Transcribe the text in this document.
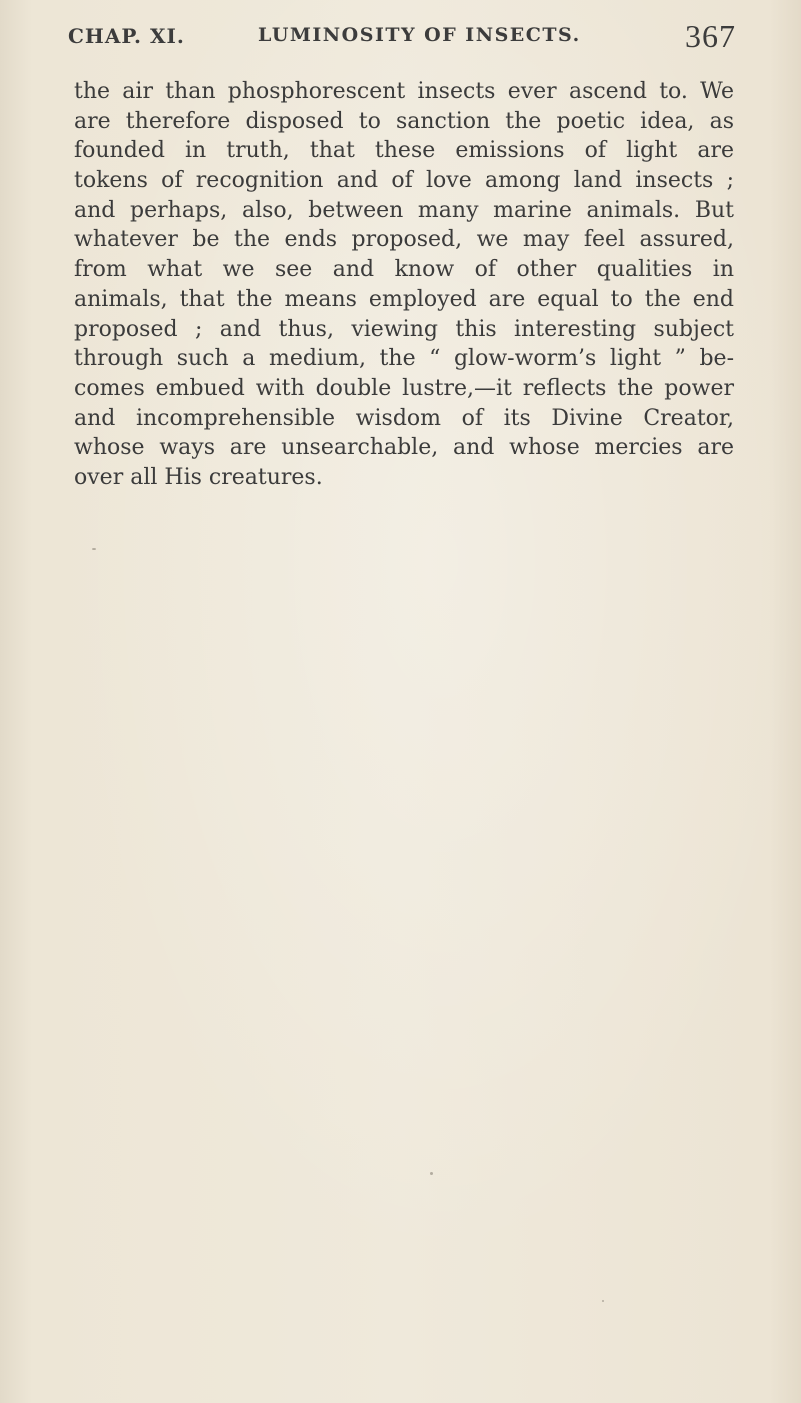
CHAP. XI.	LUMINOSITY OF INSECTS.	367
the air than phosphorescent insects ever ascend to. We
are therefore disposed to sanction the poetic idea, as
founded in truth, that these emissions of light are
tokens of recognition and of love among land insects ;
and perhaps, also, between many marine animals. But
whatever be the ends proposed, we may feel assured,
from what we see and know of other qualities in
animals, that the means employed are equal to the end
proposed ; and thus, viewing this interesting subject
through such a medium, the “ glow-worm’s light ” be-
comes embued with double lustre,—it reflects the power
and incomprehensible wisdom of its Divine Creator,
whose ways are unsearchable, and whose mercies are
over all His creatures.
